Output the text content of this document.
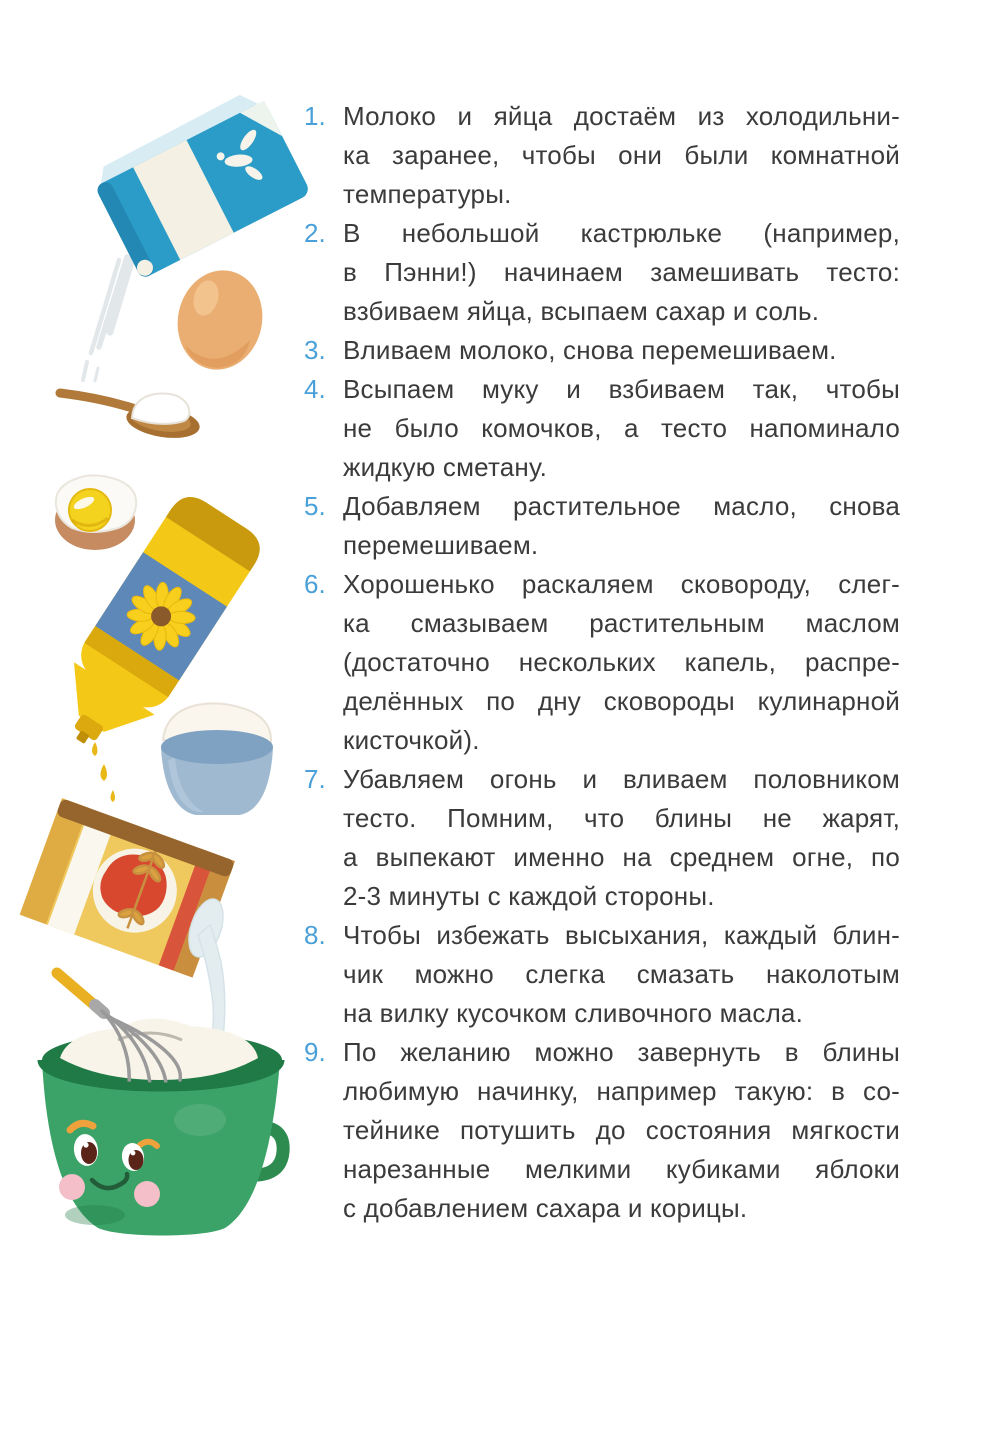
1. Молоко и яйца достаём из холодильни-
ка заранее, чтобы они были комнатной
температуры.
2. В небольшой кастрюльке (например,
в Пэнни!) начинаем замешивать тесто:
взбиваем яйца, всыпаем сахар и соль.
3. Вливаем молоко, снова перемешиваем.
4. Всыпаем муку и взбиваем так, чтобы
не было комочков, а тесто напоминало
жидкую сметану.
5. Добавляем растительное масло, снова
перемешиваем.
6. Хорошенько раскаляем сковороду, слег-
ка смазываем растительным маслом
(достаточно нескольких капель, распре-
делённых по дну сковороды кулинарной
кисточкой).
7. Убавляем огонь и вливаем половником
тесто. Помним, что блины не жарят,
а выпекают именно на среднем огне, по
2-3 минуты с каждой стороны.
8. Чтобы избежать высыхания, каждый блин-
чик можно слегка смазать наколотым
на вилку кусочком сливочного масла.
9. По желанию можно завернуть в блины
любимую начинку, например такую: в со-
тейнике потушить до состояния мягкости
нарезанные мелкими кубиками яблоки
с добавлением сахара и корицы.
